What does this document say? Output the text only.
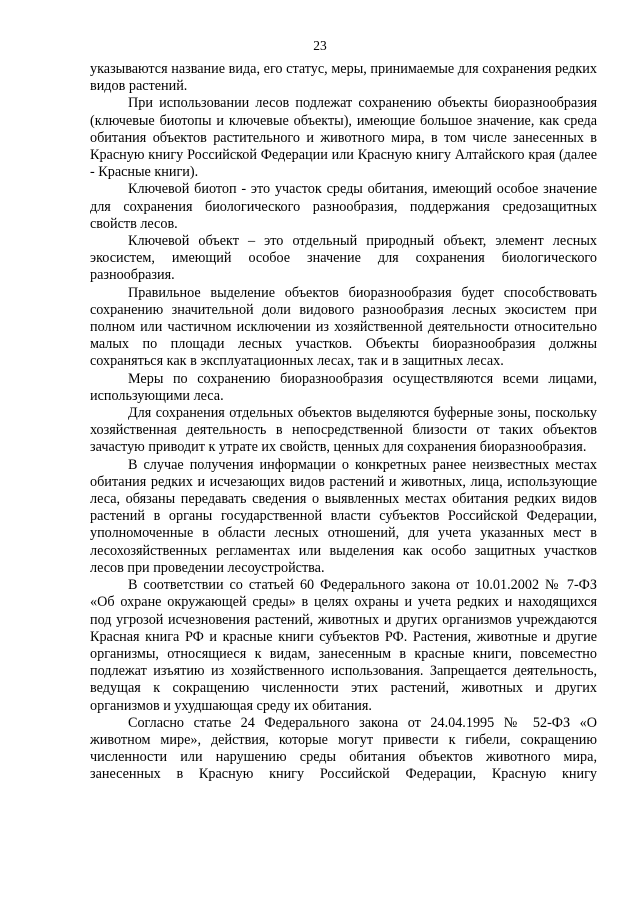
23

указываются название вида, его статус, меры, принимаемые для сохранения редких видов растений.

При использовании лесов подлежат сохранению объекты биоразнообразия (ключевые биотопы и ключевые объекты), имеющие большое значение, как среда обитания объектов растительного и животного мира, в том числе занесенных в Красную книгу Российской Федерации или Красную книгу Алтайского края (далее - Красные книги).

Ключевой биотоп - это участок среды обитания, имеющий особое значение для сохранения биологического разнообразия, поддержания средозащитных свойств лесов.

Ключевой объект – это отдельный природный объект, элемент лесных экосистем, имеющий особое значение для сохранения биологического разнообразия.

Правильное выделение объектов биоразнообразия будет способствовать сохранению значительной доли видового разнообразия лесных экосистем при полном или частичном исключении из хозяйственной деятельности относительно малых по площади лесных участков. Объекты биоразнообразия должны сохраняться как в эксплуатационных лесах, так и в защитных лесах.

Меры по сохранению биоразнообразия осуществляются всеми лицами, использующими леса.

Для сохранения отдельных объектов выделяются буферные зоны, поскольку хозяйственная деятельность в непосредственной близости от таких объектов зачастую приводит к утрате их свойств, ценных для сохранения биоразнообразия.

В случае получения информации о конкретных ранее неизвестных местах обитания редких и исчезающих видов растений и животных, лица, использующие леса, обязаны передавать сведения о выявленных местах обитания редких видов растений в органы государственной власти субъектов Российской Федерации, уполномоченные в области лесных отношений, для учета указанных мест в лесохозяйственных регламентах или выделения как особо защитных участков лесов при проведении лесоустройства.

В соответствии со статьей 60 Федерального закона от 10.01.2002 № 7-ФЗ «Об охране окружающей среды» в целях охраны и учета редких и находящихся под угрозой исчезновения растений, животных и других организмов учреждаются Красная книга РФ и красные книги субъектов РФ. Растения, животные и другие организмы, относящиеся к видам, занесенным в красные книги, повсеместно подлежат изъятию из хозяйственного использования. Запрещается деятельность, ведущая к сокращению численности этих растений, животных и других организмов и ухудшающая среду их обитания.

Согласно статье 24 Федерального закона от 24.04.1995 № 52-ФЗ «О животном мире», действия, которые могут привести к гибели, сокращению численности или нарушению среды обитания объектов животного мира, занесенных в Красную книгу Российской Федерации, Красную книгу
